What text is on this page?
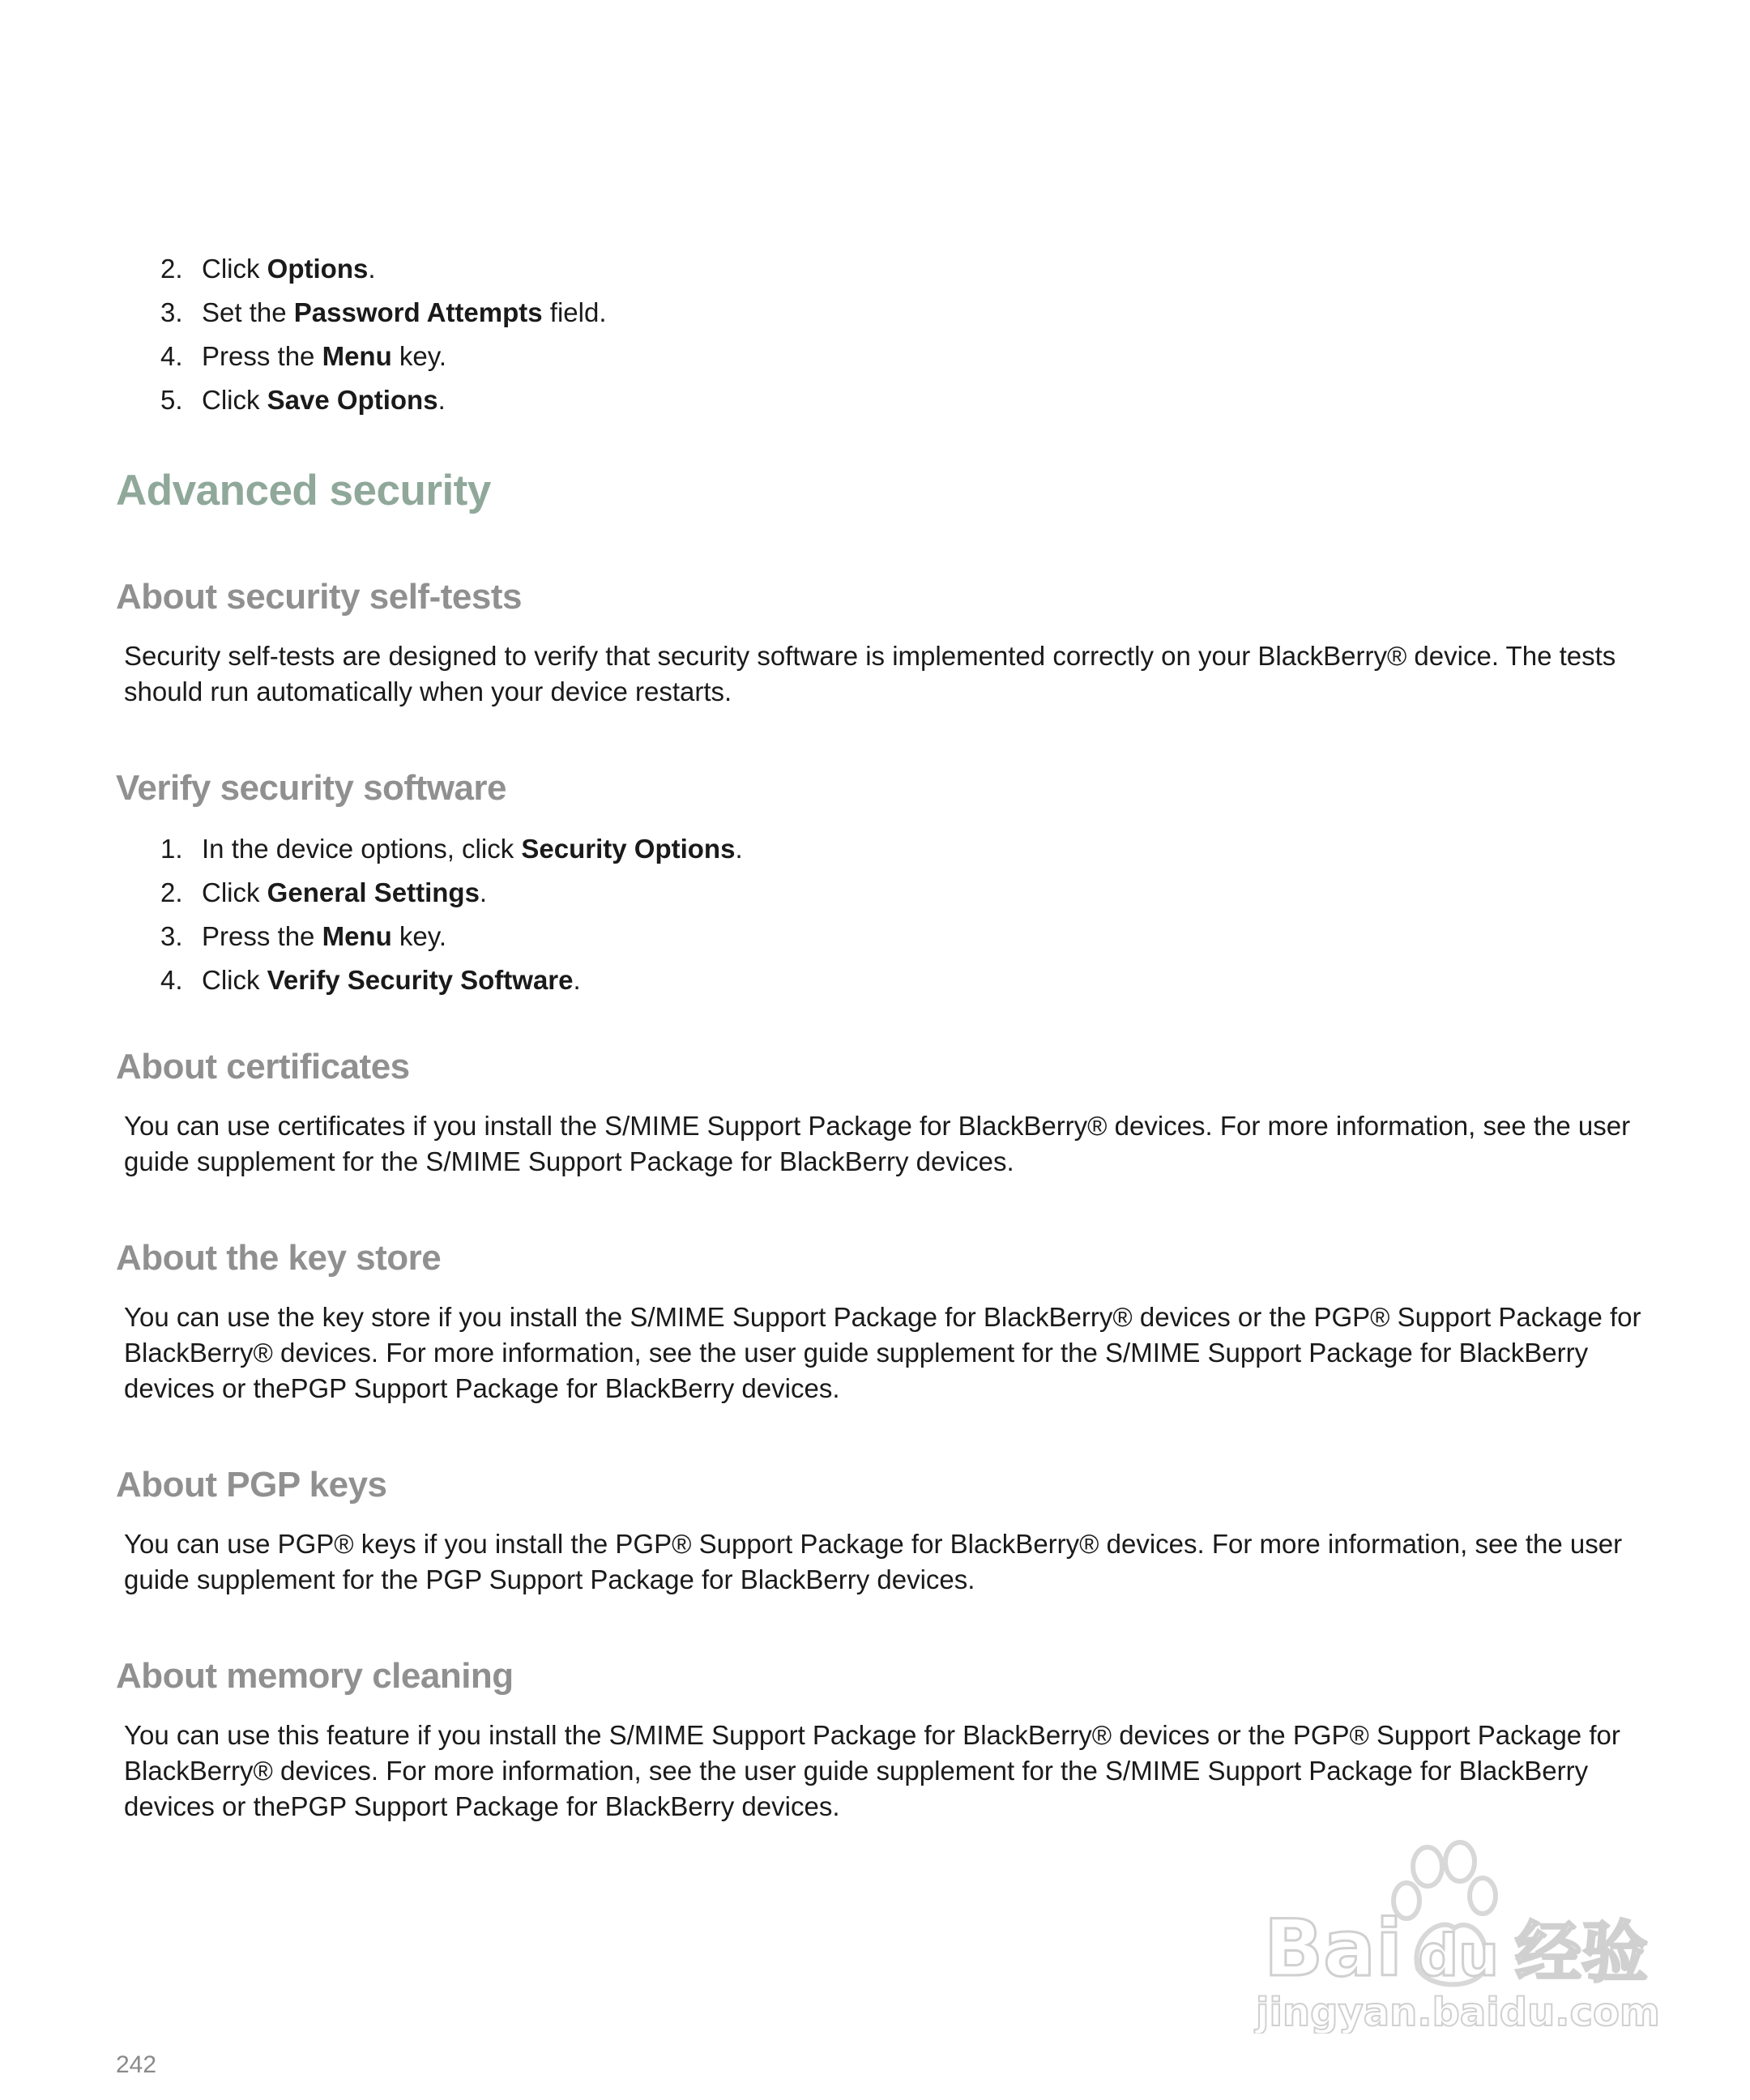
2. Click Options.
3. Set the Password Attempts field.
4. Press the Menu key.
5. Click Save Options.
Advanced security
About security self-tests

Security self-tests are designed to verify that security software is implemented correctly on your BlackBerry® device. The tests should run automatically when your device restarts.

Verify security software
1. In the device options, click Security Options.
2. Click General Settings.
3. Press the Menu key.
4. Click Verify Security Software.
About certificates

You can use certificates if you install the S/MIME Support Package for BlackBerry® devices. For more information, see the user guide supplement for the S/MIME Support Package for BlackBerry devices.

About the key store

You can use the key store if you install the S/MIME Support Package for BlackBerry® devices or the PGP® Support Package for BlackBerry® devices. For more information, see the user guide supplement for the S/MIME Support Package for BlackBerry devices or thePGP Support Package for BlackBerry devices.

About PGP keys

You can use PGP® keys if you install the PGP® Support Package for BlackBerry® devices. For more information, see the user guide supplement for the PGP Support Package for BlackBerry devices.

About memory cleaning

You can use this feature if you install the S/MIME Support Package for BlackBerry® devices or the PGP® Support Package for BlackBerry® devices. For more information, see the user guide supplement for the S/MIME Support Package for BlackBerry devices or thePGP Support Package for BlackBerry devices.

Bai du 经验
jingyan.baidu.com
242
